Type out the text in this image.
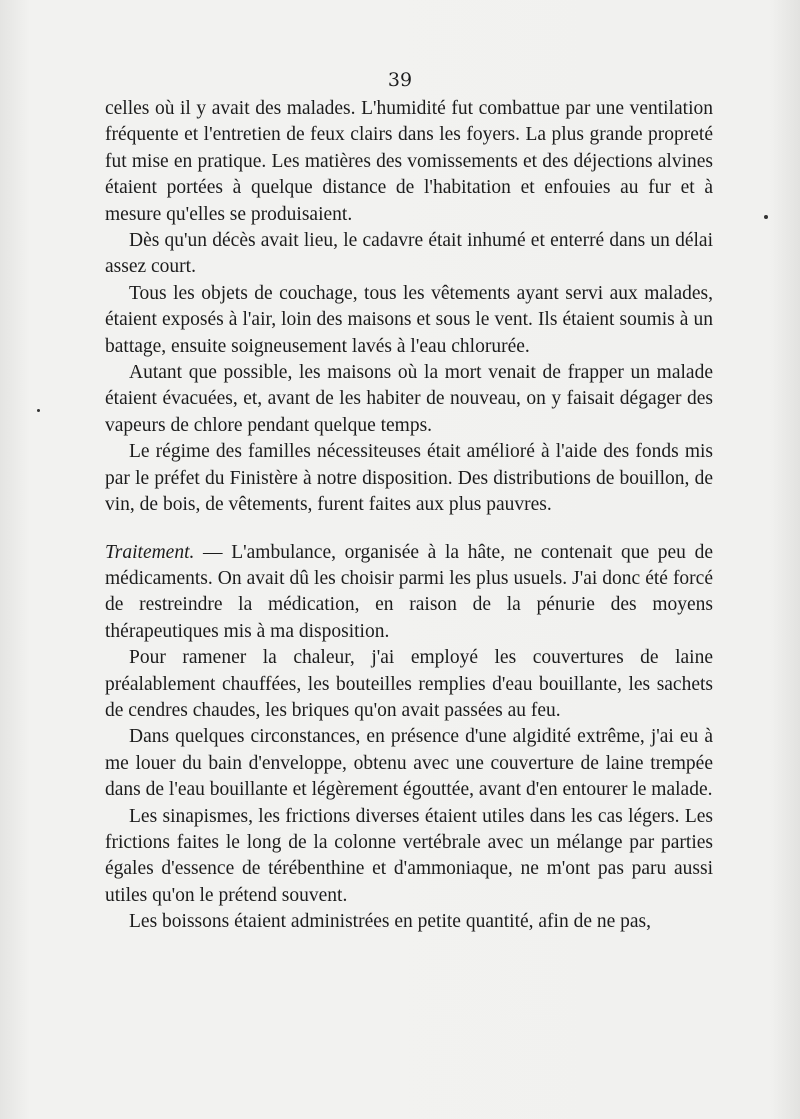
39

celles où il y avait des malades. L'humidité fut combattue par une ventilation fréquente et l'entretien de feux clairs dans les foyers. La plus grande propreté fut mise en pratique. Les matières des vomissements et des déjections alvines étaient portées à quelque distance de l'habitation et enfouies au fur et à mesure qu'elles se produisaient.

Dès qu'un décès avait lieu, le cadavre était inhumé et enterré dans un délai assez court.

Tous les objets de couchage, tous les vêtements ayant servi aux malades, étaient exposés à l'air, loin des maisons et sous le vent. Ils étaient soumis à un battage, ensuite soigneusement lavés à l'eau chlorurée.

Autant que possible, les maisons où la mort venait de frapper un malade étaient évacuées, et, avant de les habiter de nouveau, on y faisait dégager des vapeurs de chlore pendant quelque temps.

Le régime des familles nécessiteuses était amélioré à l'aide des fonds mis par le préfet du Finistère à notre disposition. Des distributions de bouillon, de vin, de bois, de vêtements, furent faites aux plus pauvres.

Traitement. — L'ambulance, organisée à la hâte, ne contenait que peu de médicaments. On avait dû les choisir parmi les plus usuels. J'ai donc été forcé de restreindre la médication, en raison de la pénurie des moyens thérapeutiques mis à ma disposition.

Pour ramener la chaleur, j'ai employé les couvertures de laine préalablement chauffées, les bouteilles remplies d'eau bouillante, les sachets de cendres chaudes, les briques qu'on avait passées au feu.

Dans quelques circonstances, en présence d'une algidité extrême, j'ai eu à me louer du bain d'enveloppe, obtenu avec une couverture de laine trempée dans de l'eau bouillante et légèrement égouttée, avant d'en entourer le malade.

Les sinapismes, les frictions diverses étaient utiles dans les cas légers. Les frictions faites le long de la colonne vertébrale avec un mélange par parties égales d'essence de térébenthine et d'ammoniaque, ne m'ont pas paru aussi utiles qu'on le prétend souvent.

Les boissons étaient administrées en petite quantité, afin de ne pas,
